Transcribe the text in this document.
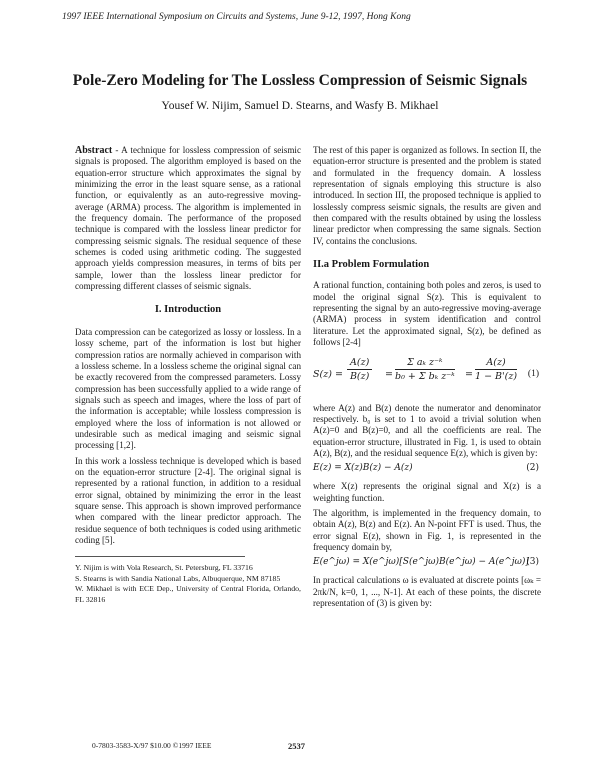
1997 IEEE International Symposium on Circuits and Systems, June 9-12, 1997, Hong Kong
Pole-Zero Modeling for The Lossless Compression of Seismic Signals
Yousef W. Nijim, Samuel D. Stearns, and Wasfy B. Mikhael

Abstract - A technique for lossless compression of seismic signals is proposed. The algorithm employed is based on the equation-error structure which approximates the signal by minimizing the error in the least square sense, as a rational function, or equivalently as an auto-regressive moving-average (ARMA) process. The algorithm is implemented in the frequency domain. The performance of the proposed technique is compared with the lossless linear predictor for compressing seismic signals. The residual sequence of these schemes is coded using arithmetic coding. The suggested approach yields compression measures, in terms of bits per sample, lower than the lossless linear predictor for compressing different classes of seismic signals.

I. Introduction

Data compression can be categorized as lossy or lossless. In a lossy scheme, part of the information is lost but higher compression ratios are normally achieved in comparison with a lossless scheme. In a lossless scheme the original signal can be exactly recovered from the compressed parameters. Lossy compression has been successfully applied to a wide range of signals such as speech and images, where the loss of part of the information is acceptable; while lossless compression is employed where the loss of information is not allowed or undesirable such as medical imaging and seismic signal processing [1,2].

In this work a lossless technique is developed which is based on the equation-error structure [2-4]. The original signal is represented by a rational function, in addition to a residual error signal, obtained by minimizing the error in the least square sense. This approach is shown improved performance when compared with the linear predictor approach. The residue sequence of both techniques is coded using arithmetic coding [5].

Y. Nijim is with Vola Research, St. Petersburg, FL 33716
S. Stearns is with Sandia National Labs, Albuquerque, NM 87185
W. Mikhael is with ECE Dep., University of Central Florida, Orlando, FL 32816

The rest of this paper is organized as follows. In section II, the equation-error structure is presented and the problem is stated and formulated in the frequency domain. A lossless representation of signals employing this structure is also introduced. In section III, the proposed technique is applied to losslessly compress seismic signals, the results are given and then compared with the results obtained by using the lossless linear predictor when compressing the same signals. Section IV, contains the conclusions.

II.a Problem Formulation

A rational function, containing both poles and zeros, is used to model the original signal S(z). This is equivalent to representing the signal by an auto-regressive moving-average (ARMA) process in system identification and control literature. Let the approximated signal, S(z), be defined as follows [2-4]

$S(z) = \frac{A(z)}{B(z)} = \frac{\text{Σ aₖ z⁻ᵏ}}{\text{b₀ + Σ bₖ z⁻ᵏ}} = \frac{A(z)}{1 - B'(z)} (1)$

where A(z) and B(z) denote the numerator and denominator respectively. b₀ is set to 1 to avoid a trivial solution when A(z)=0 and B(z)=0, and all the coefficients are real. The equation-error structure, illustrated in Fig. 1, is used to obtain A(z), B(z), and the residual sequence E(z), which is given by:

E(z) = X(z)B(z) − A(z)	(2)

where X(z) represents the original signal and X(z) is a weighting function.

The algorithm, is implemented in the frequency domain, to obtain A(z), B(z) and E(z). An N-point FFT is used. Thus, the error signal E(z), shown in Fig. 1, is represented in the frequency domain by,

E(e^jω) = X(e^jω)[S(e^jω)B(e^jω) − A(e^jω)]
(3)

In practical calculations ω is evaluated at discrete points [ωₖ = 2πk/N, k=0, 1, ..., N-1]. At each of these points, the discrete representation of (3) is given by:

0-7803-3583-X/97 $10.00 ©1997 IEEE	2537
